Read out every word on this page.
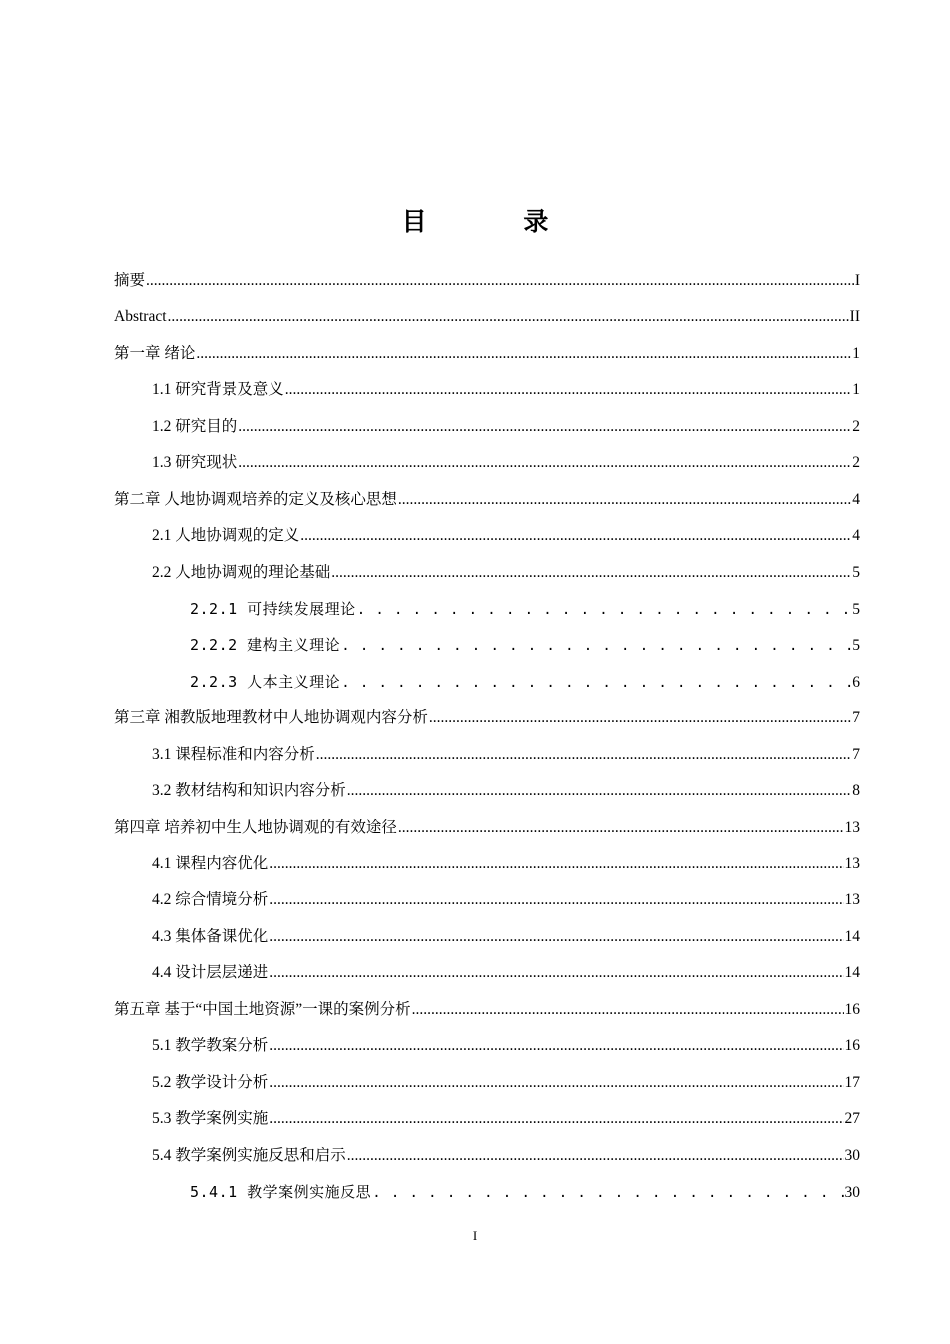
目 录
摘要 .....	I
Abstract .....	II
第一章 绪论 .....	1
1.1 研究背景及意义 .....	1
1.2 研究目的 .....	2
1.3 研究现状 .....	2
第二章 人地协调观培养的定义及核心思想 .....	4
2.1 人地协调观的定义 .....	4
2.2 人地协调观的理论基础 .....	5
2.2.1 可持续发展理论 . . .	5
2.2.2 建构主义理论 . . .	5
2.2.3 人本主义理论 . . .	6
第三章 湘教版地理教材中人地协调观内容分析 .....	7
3.1 课程标准和内容分析 .....	7
3.2 教材结构和知识内容分析 .....	8
第四章 培养初中生人地协调观的有效途径 .....	13
4.1 课程内容优化 .....	13
4.2 综合情境分析 .....	13
4.3 集体备课优化 .....	14
4.4 设计层层递进 .....	14
第五章 基于“中国土地资源”一课的案例分析 .....	16
5.1 教学教案分析 .....	16
5.2 教学设计分析 .....	17
5.3 教学案例实施 .....	27
5.4 教学案例实施反思和启示 .....	30
5.4.1 教学案例实施反思 . . .	30
I
